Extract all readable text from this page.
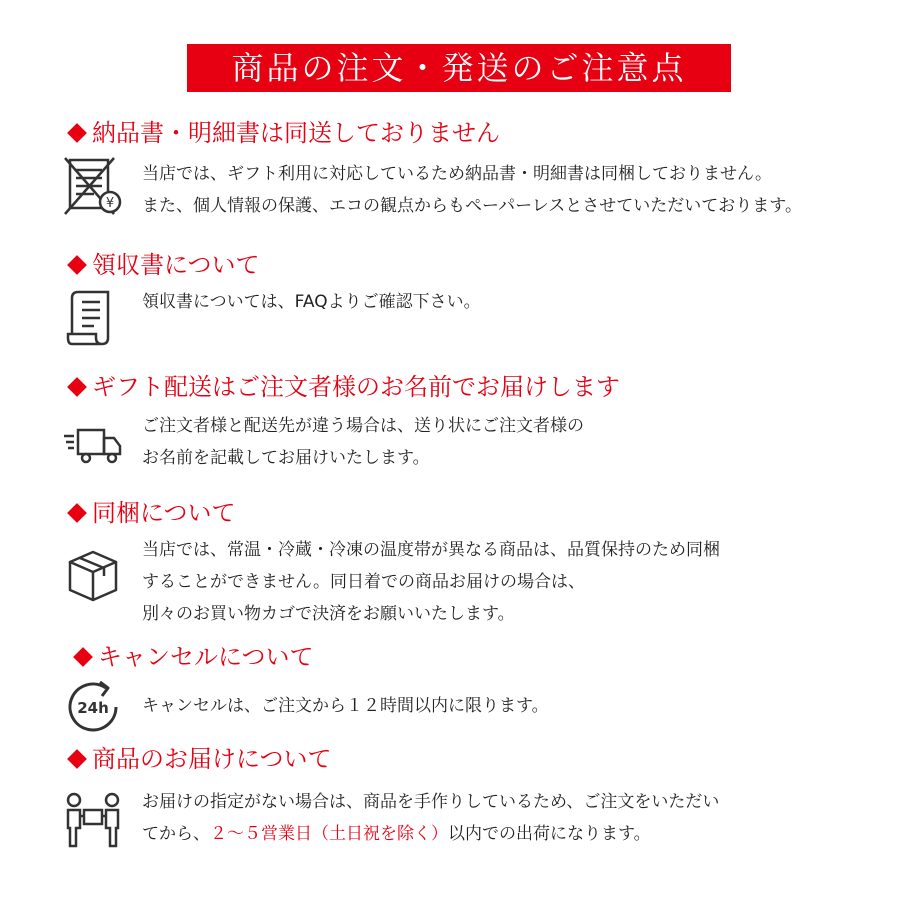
商品の注文・発送のご注意点
納品書・明細書は同送しておりません
¥
当店では、ギフト利用に対応しているため納品書・明細書は同梱しておりません。
また、個人情報の保護、エコの観点からもペーパーレスとさせていただいております。
領収書について
領収書については、FAQよりご確認下さい。
ギフト配送はご注文者様のお名前でお届けします
ご注文者様と配送先が違う場合は、送り状にご注文者様の
お名前を記載してお届けいたします。
同梱について
当店では、常温・冷蔵・冷凍の温度帯が異なる商品は、品質保持のため同梱
することができません。同日着での商品お届けの場合は、
別々のお買い物カゴで決済をお願いいたします。
キャンセルについて
24h キャンセルは、ご注文から１２時間以内に限ります。
商品のお届けについて
お届けの指定がない場合は、商品を手作りしているため、ご注文をいただい
てから、２～５営業日（土日祝を除く）以内での出荷になります。
